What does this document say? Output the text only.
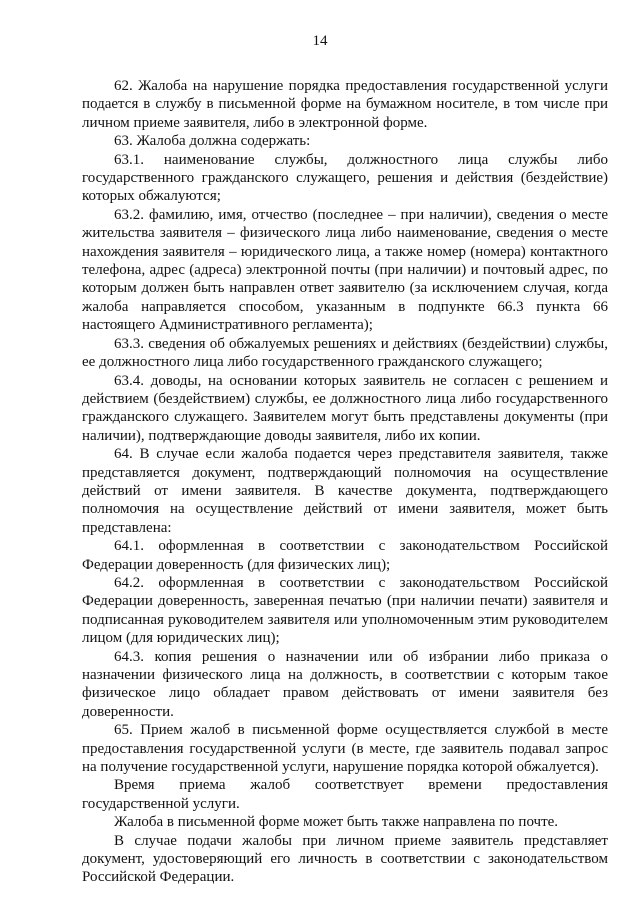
14

62. Жалоба на нарушение порядка предоставления государственной услуги подается в службу в письменной форме на бумажном носителе, в том числе при личном приеме заявителя, либо в электронной форме.

63. Жалоба должна содержать:

63.1. наименование службы, должностного лица службы либо государственного гражданского служащего, решения и действия (бездействие) которых обжалуются;

63.2. фамилию, имя, отчество (последнее – при наличии), сведения о месте жительства заявителя – физического лица либо наименование, сведения о месте нахождения заявителя – юридического лица, а также номер (номера) контактного телефона, адрес (адреса) электронной почты (при наличии) и почтовый адрес, по которым должен быть направлен ответ заявителю (за исключением случая, когда жалоба направляется способом, указанным в подпункте 66.3 пункта 66 настоящего Административного регламента);

63.3. сведения об обжалуемых решениях и действиях (бездействии) службы, ее должностного лица либо государственного гражданского служащего;

63.4. доводы, на основании которых заявитель не согласен с решением и действием (бездействием) службы, ее должностного лица либо государственного гражданского служащего. Заявителем могут быть представлены документы (при наличии), подтверждающие доводы заявителя, либо их копии.

64. В случае если жалоба подается через представителя заявителя, также представляется документ, подтверждающий полномочия на осуществление действий от имени заявителя. В качестве документа, подтверждающего полномочия на осуществление действий от имени заявителя, может быть представлена:

64.1. оформленная в соответствии с законодательством Российской Федерации доверенность (для физических лиц);

64.2. оформленная в соответствии с законодательством Российской Федерации доверенность, заверенная печатью (при наличии печати) заявителя и подписанная руководителем заявителя или уполномоченным этим руководителем лицом (для юридических лиц);

64.3. копия решения о назначении или об избрании либо приказа о назначении физического лица на должность, в соответствии с которым такое физическое лицо обладает правом действовать от имени заявителя без доверенности.

65. Прием жалоб в письменной форме осуществляется службой в месте предоставления государственной услуги (в месте, где заявитель подавал запрос на получение государственной услуги, нарушение порядка которой обжалуется).

Время приема жалоб соответствует времени предоставления государственной услуги.

Жалоба в письменной форме может быть также направлена по почте.

В случае подачи жалобы при личном приеме заявитель представляет документ, удостоверяющий его личность в соответствии с законодательством Российской Федерации.
